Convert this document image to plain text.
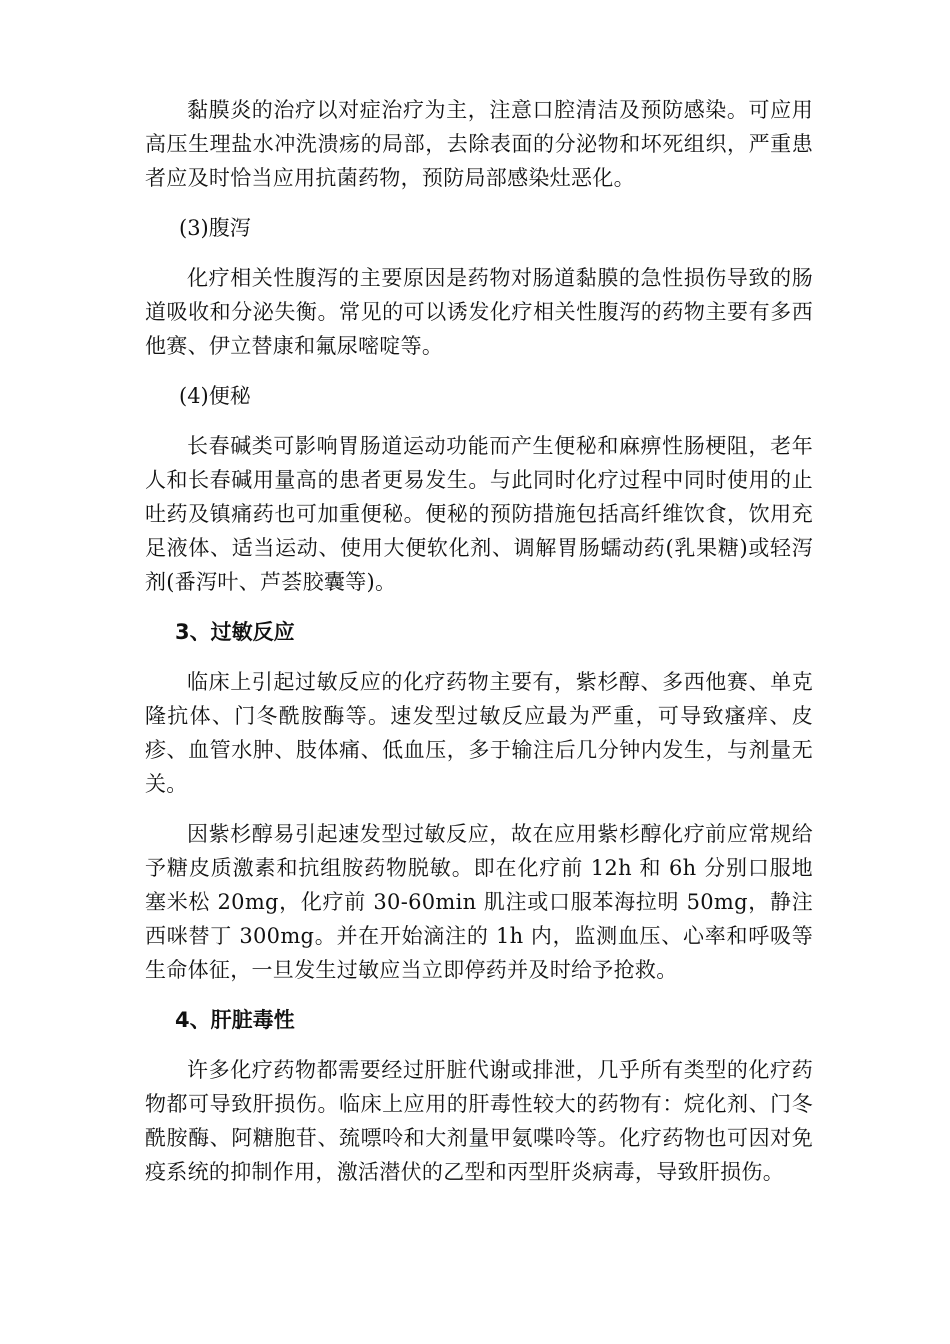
黏膜炎的治疗以对症治疗为主，注意口腔清洁及预防感染。可应用高压生理盐水冲洗溃疡的局部，去除表面的分泌物和坏死组织，严重患者应及时恰当应用抗菌药物，预防局部感染灶恶化。

(3)腹泻

化疗相关性腹泻的主要原因是药物对肠道黏膜的急性损伤导致的肠道吸收和分泌失衡。常见的可以诱发化疗相关性腹泻的药物主要有多西他赛、伊立替康和氟尿嘧啶等。

(4)便秘

长春碱类可影响胃肠道运动功能而产生便秘和麻痹性肠梗阻，老年人和长春碱用量高的患者更易发生。与此同时化疗过程中同时使用的止吐药及镇痛药也可加重便秘。便秘的预防措施包括高纤维饮食，饮用充足液体、适当运动、使用大便软化剂、调解胃肠蠕动药(乳果糖)或轻泻剂(番泻叶、芦荟胶囊等)。

3、过敏反应

临床上引起过敏反应的化疗药物主要有，紫杉醇、多西他赛、单克隆抗体、门冬酰胺酶等。速发型过敏反应最为严重，可导致瘙痒、皮疹、血管水肿、肢体痛、低血压，多于输注后几分钟内发生，与剂量无关。

因紫杉醇易引起速发型过敏反应，故在应用紫杉醇化疗前应常规给予糖皮质激素和抗组胺药物脱敏。即在化疗前 12h 和 6h 分别口服地塞米松 20mg，化疗前 30-60min 肌注或口服苯海拉明 50mg，静注西咪替丁 300mg。并在开始滴注的 1h 内，监测血压、心率和呼吸等生命体征，一旦发生过敏应当立即停药并及时给予抢救。

4、肝脏毒性

许多化疗药物都需要经过肝脏代谢或排泄，几乎所有类型的化疗药物都可导致肝损伤。临床上应用的肝毒性较大的药物有：烷化剂、门冬酰胺酶、阿糖胞苷、巯嘌呤和大剂量甲氨喋呤等。化疗药物也可因对免疫系统的抑制作用，激活潜伏的乙型和丙型肝炎病毒，导致肝损伤。
